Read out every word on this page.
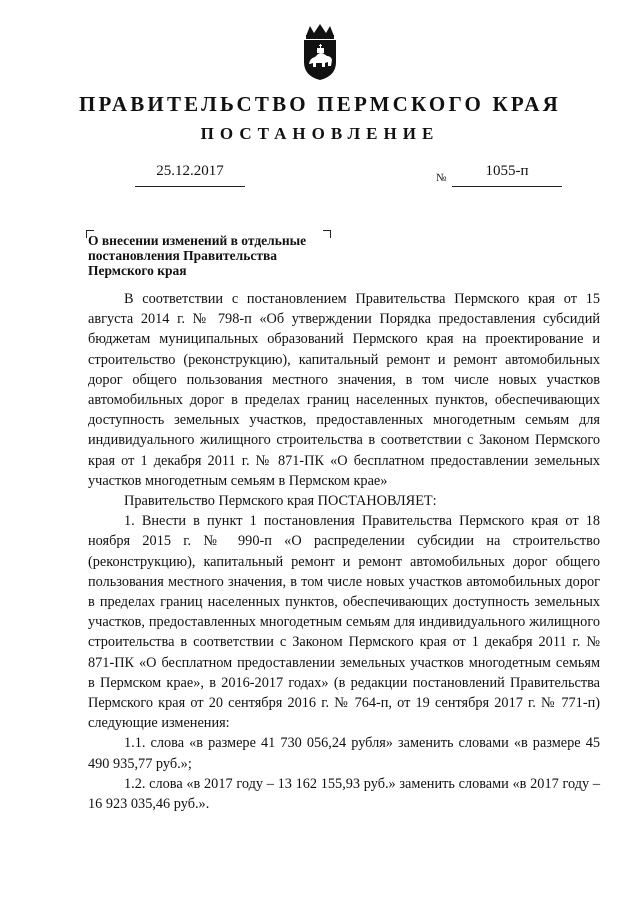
ПРАВИТЕЛЬСТВО ПЕРМСКОГО КРАЯ
ПОСТАНОВЛЕНИЕ
25.12.2017	№	1055-п
О внесении изменений в отдельные
постановления Правительства
Пермского края

В соответствии с постановлением Правительства Пермского края от 15 августа 2014 г. № 798-п «Об утверждении Порядка предоставления субсидий бюджетам муниципальных образований Пермского края на проектирование и строительство (реконструкцию), капитальный ремонт и ремонт автомобильных дорог общего пользования местного значения, в том числе новых участков автомобильных дорог в пределах границ населенных пунктов, обеспечивающих доступность земельных участков, предоставленных многодетным семьям для индивидуального жилищного строительства в соответствии с Законом Пермского края от 1 декабря 2011 г. № 871-ПК «О бесплатном предоставлении земельных участков многодетным семьям в Пермском крае»

Правительство Пермского края ПОСТАНОВЛЯЕТ:

1. Внести в пункт 1 постановления Правительства Пермского края от 18 ноября 2015 г. № 990-п «О распределении субсидии на строительство (реконструкцию), капитальный ремонт и ремонт автомобильных дорог общего пользования местного значения, в том числе новых участков автомобильных дорог в пределах границ населенных пунктов, обеспечивающих доступность земельных участков, предоставленных многодетным семьям для индивидуального жилищного строительства в соответствии с Законом Пермского края от 1 декабря 2011 г. № 871-ПК «О бесплатном предоставлении земельных участков многодетным семьям в Пермском крае», в 2016-2017 годах» (в редакции постановлений Правительства Пермского края от 20 сентября 2016 г. № 764-п, от 19 сентября 2017 г. № 771-п) следующие изменения:

1.1. слова «в размере 41 730 056,24 рубля» заменить словами «в размере 45 490 935,77 руб.»;

1.2. слова «в 2017 году – 13 162 155,93 руб.» заменить словами «в 2017 году – 16 923 035,46 руб.».
